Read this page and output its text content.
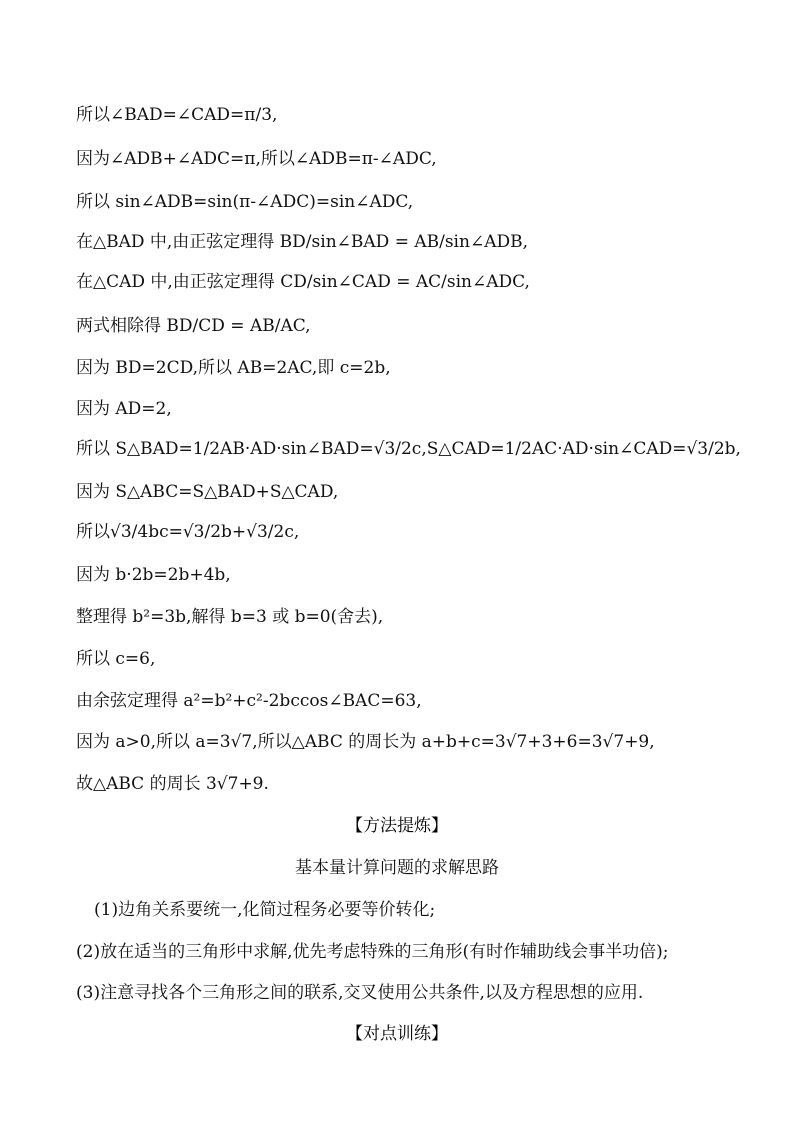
所以∠BAD=∠CAD=π/3,
因为∠ADB+∠ADC=π,所以∠ADB=π-∠ADC,
所以 sin∠ADB=sin(π-∠ADC)=sin∠ADC,
在△BAD 中,由正弦定理得 BD/sin∠BAD = AB/sin∠ADB,
在△CAD 中,由正弦定理得 CD/sin∠CAD = AC/sin∠ADC,
两式相除得 BD/CD = AB/AC,
因为 BD=2CD,所以 AB=2AC,即 c=2b,
因为 AD=2,
所以 S△BAD=1/2AB·AD·sin∠BAD=√3/2c,S△CAD=1/2AC·AD·sin∠CAD=√3/2b,
因为 S△ABC=S△BAD+S△CAD,
所以√3/4bc=√3/2b+√3/2c,
因为 b·2b=2b+4b,
整理得 b²=3b,解得 b=3 或 b=0(舍去),
所以 c=6,
由余弦定理得 a²=b²+c²-2bccos∠BAC=63,
因为 a>0,所以 a=3√7,所以△ABC 的周长为 a+b+c=3√7+3+6=3√7+9,
故△ABC 的周长 3√7+9.
【方法提炼】
基本量计算问题的求解思路
(1)边角关系要统一,化简过程务必要等价转化;
(2)放在适当的三角形中求解,优先考虑特殊的三角形(有时作辅助线会事半功倍);
(3)注意寻找各个三角形之间的联系,交叉使用公共条件,以及方程思想的应用.
【对点训练】
